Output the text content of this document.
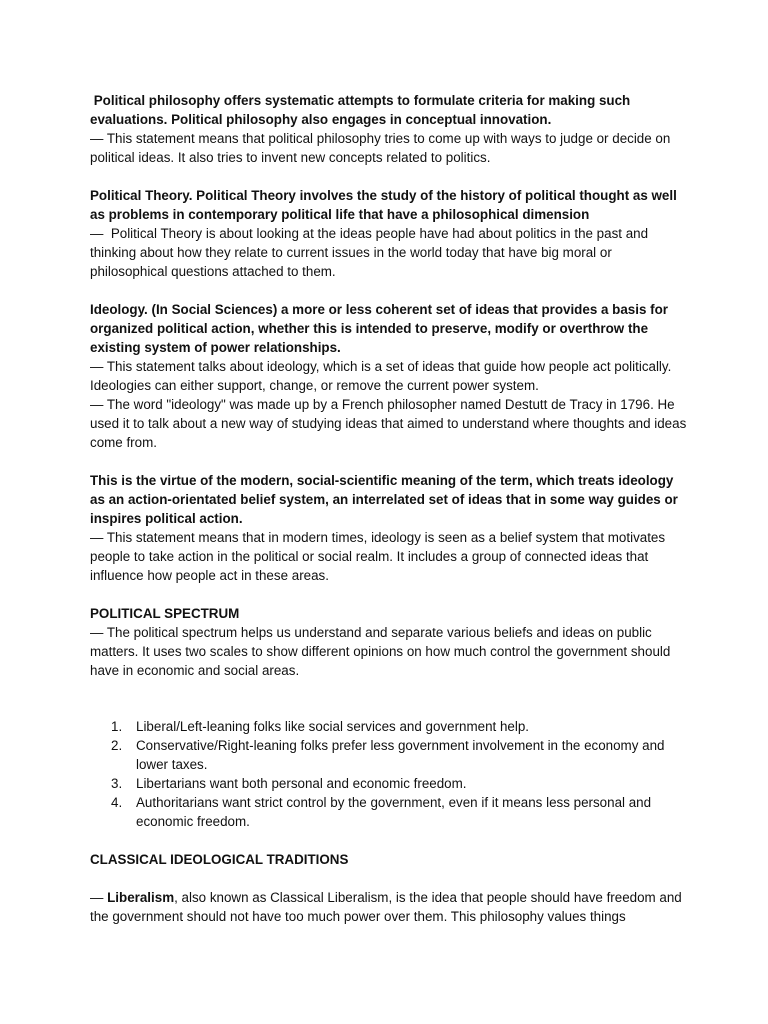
Political philosophy offers systematic attempts to formulate criteria for making such evaluations. Political philosophy also engages in conceptual innovation.

— This statement means that political philosophy tries to come up with ways to judge or decide on political ideas. It also tries to invent new concepts related to politics.

Political Theory. Political Theory involves the study of the history of political thought as well as problems in contemporary political life that have a philosophical dimension

—  Political Theory is about looking at the ideas people have had about politics in the past and thinking about how they relate to current issues in the world today that have big moral or philosophical questions attached to them.

Ideology. (In Social Sciences) a more or less coherent set of ideas that provides a basis for organized political action, whether this is intended to preserve, modify or overthrow the existing system of power relationships.

— This statement talks about ideology, which is a set of ideas that guide how people act politically. Ideologies can either support, change, or remove the current power system.

— The word "ideology" was made up by a French philosopher named Destutt de Tracy in 1796. He used it to talk about a new way of studying ideas that aimed to understand where thoughts and ideas come from.

This is the virtue of the modern, social-scientific meaning of the term, which treats ideology as an action-orientated belief system, an interrelated set of ideas that in some way guides or inspires political action.

— This statement means that in modern times, ideology is seen as a belief system that motivates people to take action in the political or social realm. It includes a group of connected ideas that influence how people act in these areas.

POLITICAL SPECTRUM

— The political spectrum helps us understand and separate various beliefs and ideas on public matters. It uses two scales to show different opinions on how much control the government should have in economic and social areas.

1. Liberal/Left-leaning folks like social services and government help.
2. Conservative/Right-leaning folks prefer less government involvement in the economy and lower taxes.
3. Libertarians want both personal and economic freedom.
4. Authoritarians want strict control by the government, even if it means less personal and economic freedom.

CLASSICAL IDEOLOGICAL TRADITIONS

— Liberalism, also known as Classical Liberalism, is the idea that people should have freedom and the government should not have too much power over them. This philosophy values things
